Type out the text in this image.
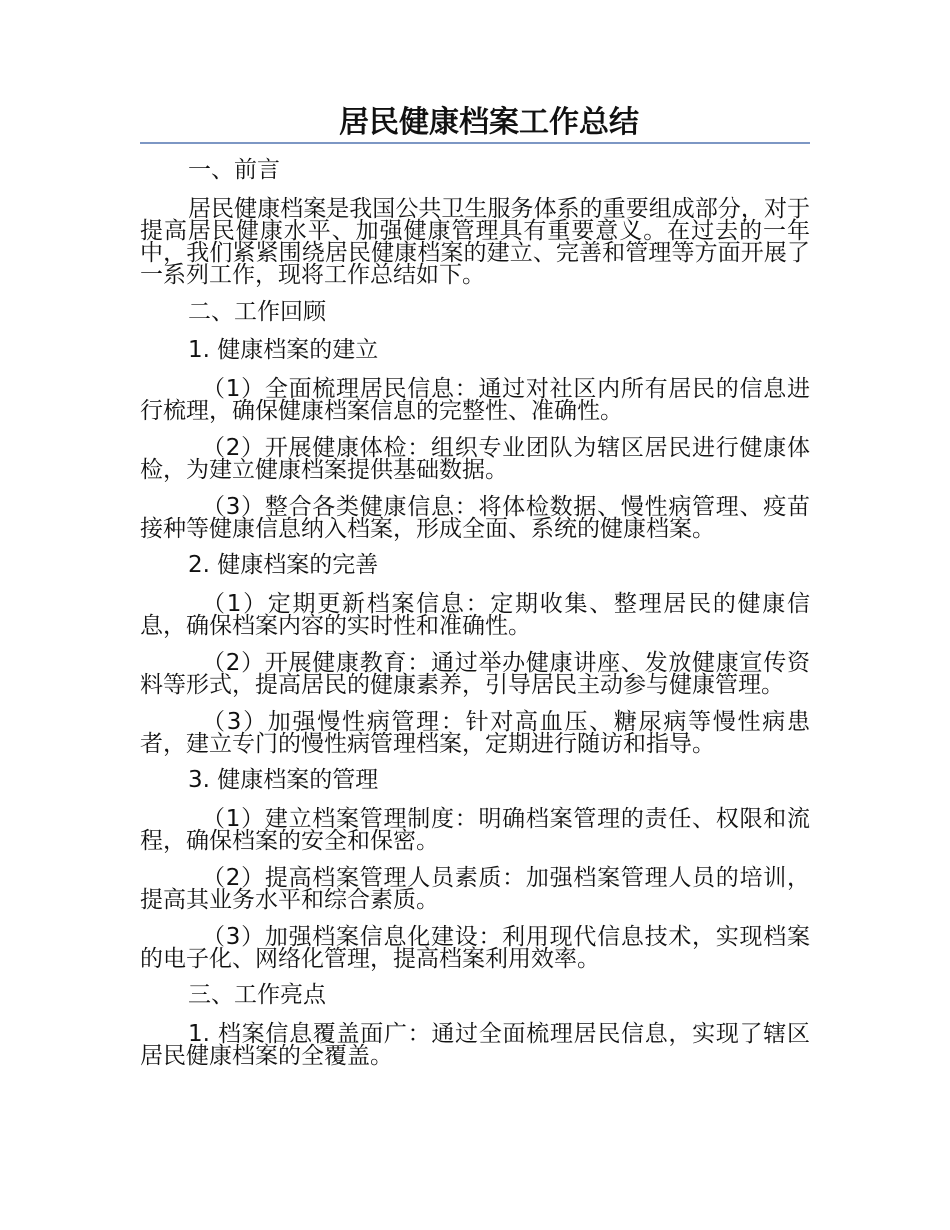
居民健康档案工作总结

一、前言

居民健康档案是我国公共卫生服务体系的重要组成部分，对于提高居民健康水平、加强健康管理具有重要意义。在过去的一年中，我们紧紧围绕居民健康档案的建立、完善和管理等方面开展了一系列工作，现将工作总结如下。

二、工作回顾

1. 健康档案的建立

（1）全面梳理居民信息：通过对社区内所有居民的信息进行梳理，确保健康档案信息的完整性、准确性。

（2）开展健康体检：组织专业团队为辖区居民进行健康体检，为建立健康档案提供基础数据。

（3）整合各类健康信息：将体检数据、慢性病管理、疫苗接种等健康信息纳入档案，形成全面、系统的健康档案。

2. 健康档案的完善

（1）定期更新档案信息：定期收集、整理居民的健康信息，确保档案内容的实时性和准确性。

（2）开展健康教育：通过举办健康讲座、发放健康宣传资料等形式，提高居民的健康素养，引导居民主动参与健康管理。

（3）加强慢性病管理：针对高血压、糖尿病等慢性病患者，建立专门的慢性病管理档案，定期进行随访和指导。

3. 健康档案的管理

（1）建立档案管理制度：明确档案管理的责任、权限和流程，确保档案的安全和保密。

（2）提高档案管理人员素质：加强档案管理人员的培训，提高其业务水平和综合素质。

（3）加强档案信息化建设：利用现代信息技术，实现档案的电子化、网络化管理，提高档案利用效率。

三、工作亮点

1. 档案信息覆盖面广：通过全面梳理居民信息，实现了辖区居民健康档案的全覆盖。
